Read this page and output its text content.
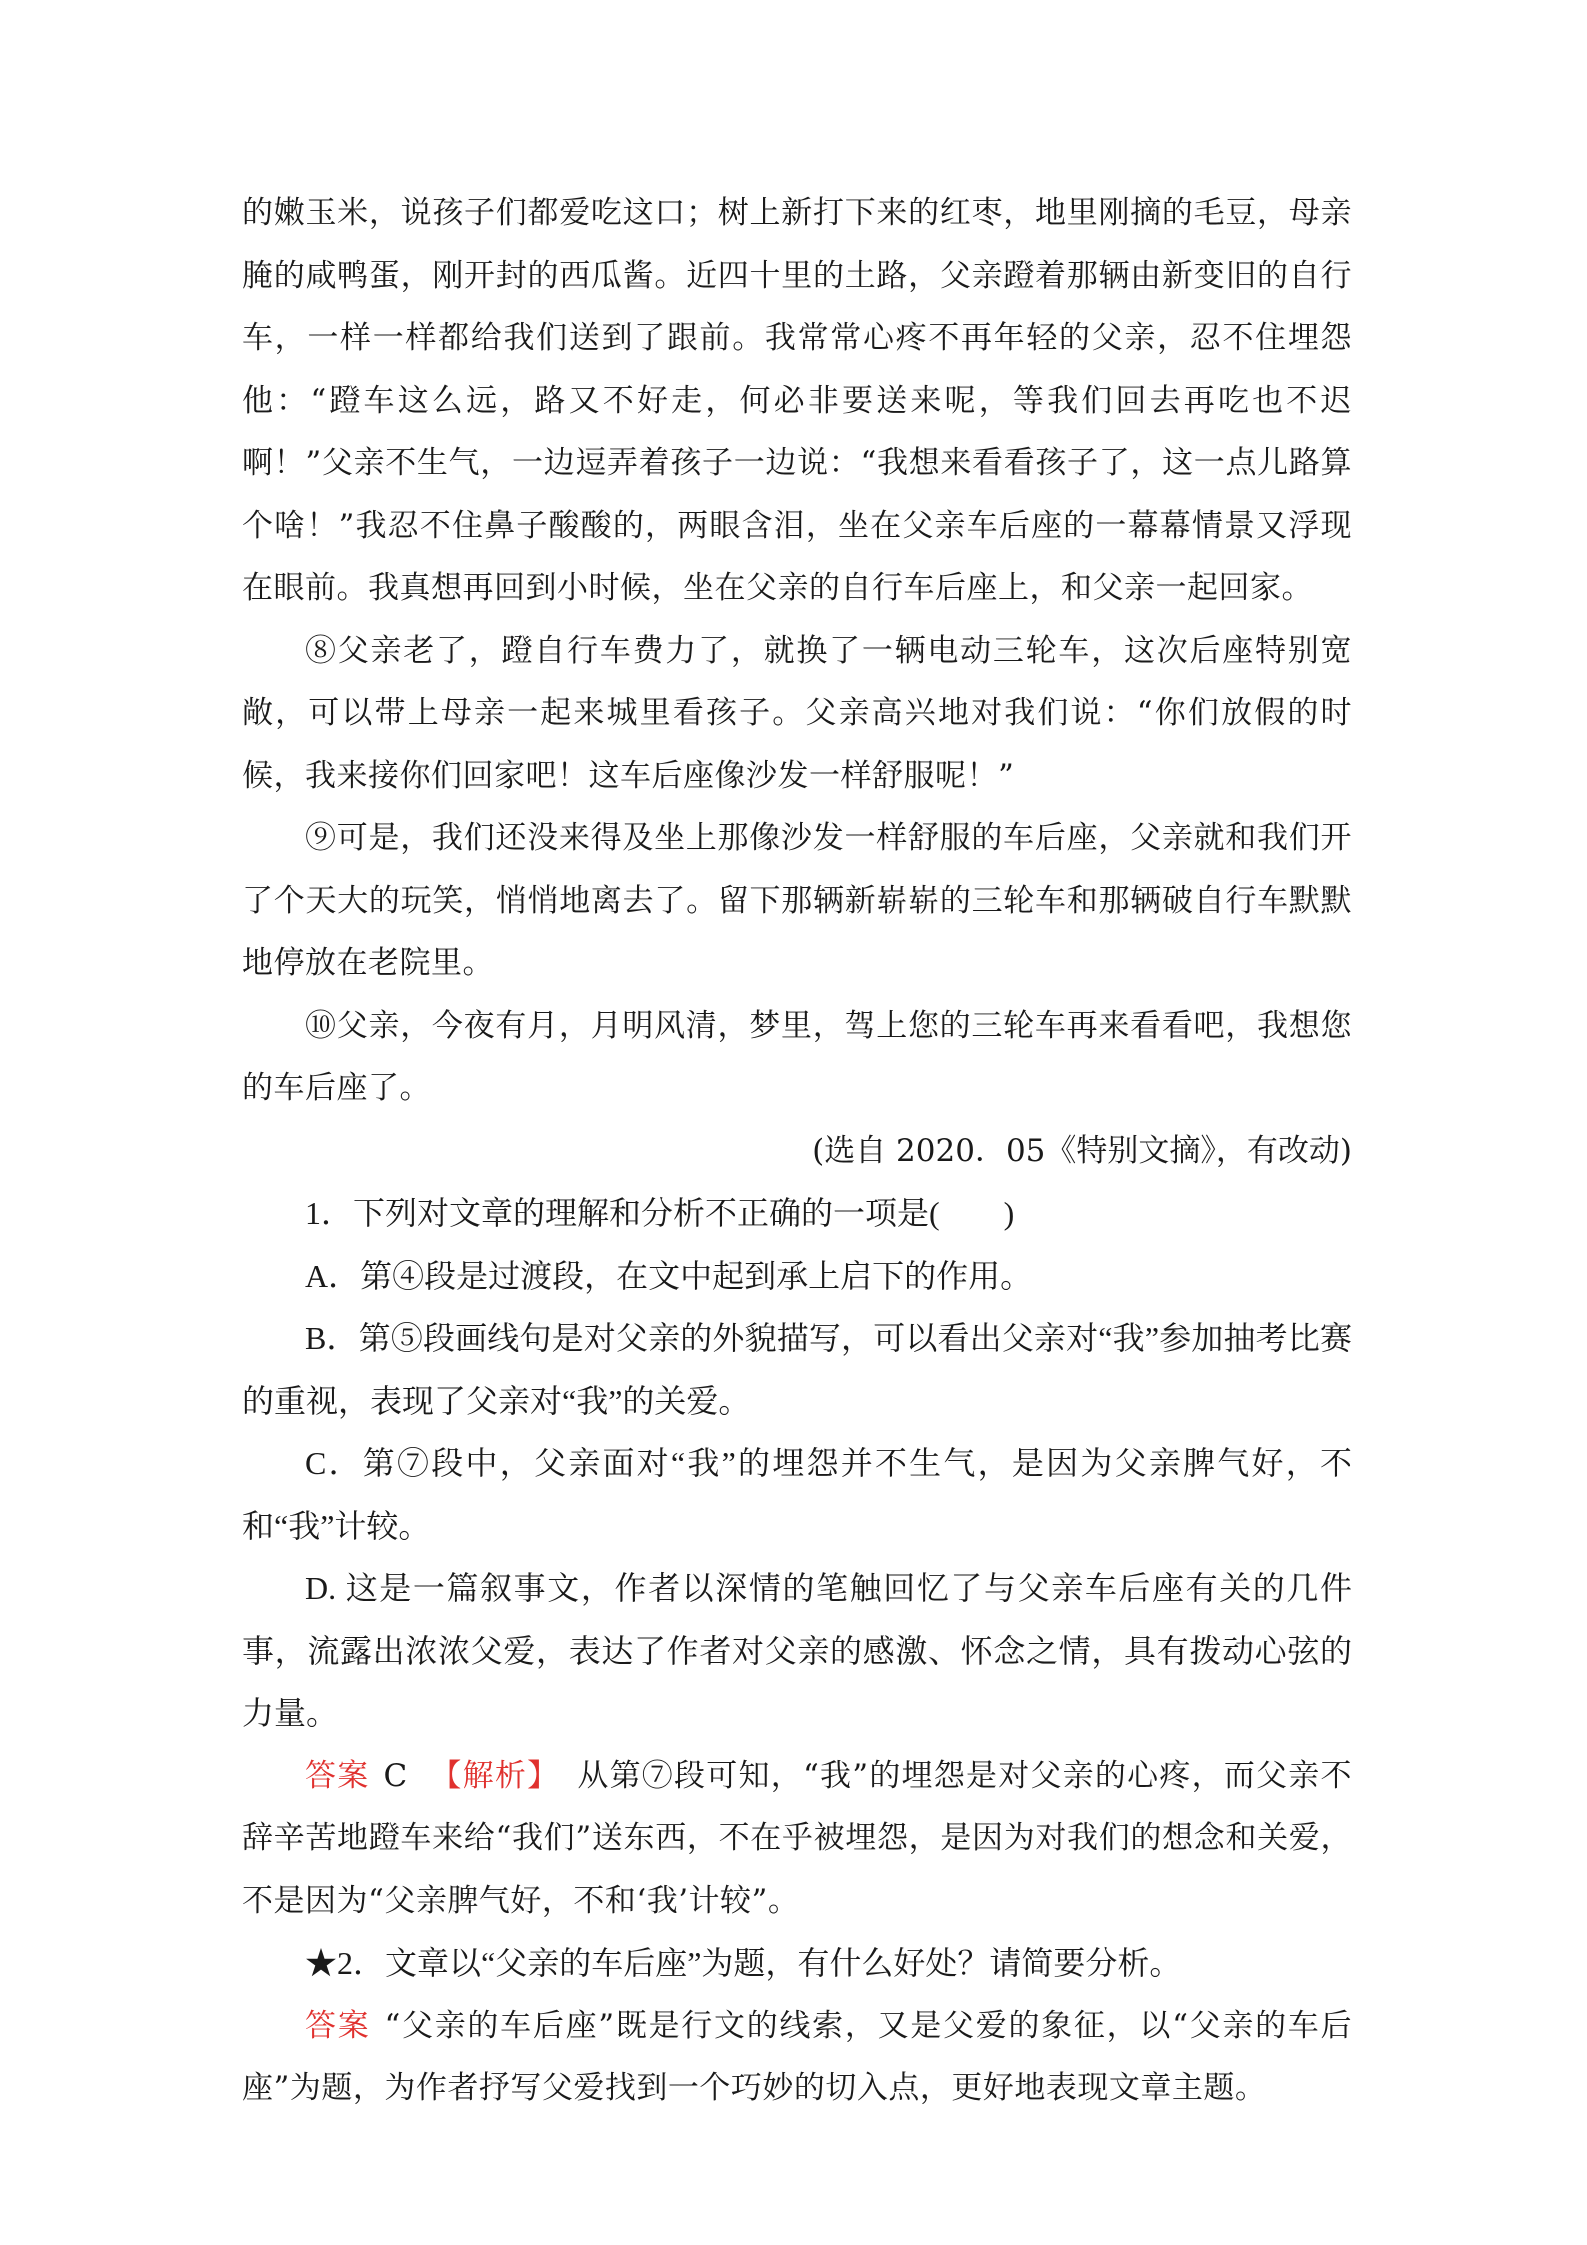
的嫩玉米，说孩子们都爱吃这口；树上新打下来的红枣，地里刚摘的毛豆，母亲腌的咸鸭蛋，刚开封的西瓜酱。近四十里的土路，父亲蹬着那辆由新变旧的自行车，一样一样都给我们送到了跟前。我常常心疼不再年轻的父亲，忍不住埋怨他：“蹬车这么远，路又不好走，何必非要送来呢，等我们回去再吃也不迟啊！”父亲不生气，一边逗弄着孩子一边说：“我想来看看孩子了，这一点儿路算个啥！”我忍不住鼻子酸酸的，两眼含泪，坐在父亲车后座的一幕幕情景又浮现在眼前。我真想再回到小时候，坐在父亲的自行车后座上，和父亲一起回家。

⑧父亲老了，蹬自行车费力了，就换了一辆电动三轮车，这次后座特别宽敞，可以带上母亲一起来城里看孩子。父亲高兴地对我们说：“你们放假的时候，我来接你们回家吧！这车后座像沙发一样舒服呢！”

⑨可是，我们还没来得及坐上那像沙发一样舒服的车后座，父亲就和我们开了个天大的玩笑，悄悄地离去了。留下那辆新崭崭的三轮车和那辆破自行车默默地停放在老院里。

⑩父亲，今夜有月，月明风清，梦里，驾上您的三轮车再来看看吧，我想您的车后座了。

(选自 2020．05《特别文摘》，有改动)

1．下列对文章的理解和分析不正确的一项是(　　)

A．第④段是过渡段，在文中起到承上启下的作用。

B．第⑤段画线句是对父亲的外貌描写，可以看出父亲对“我”参加抽考比赛的重视，表现了父亲对“我”的关爱。

C．第⑦段中，父亲面对“我”的埋怨并不生气，是因为父亲脾气好，不和“我”计较。

D. 这是一篇叙事文，作者以深情的笔触回忆了与父亲车后座有关的几件事，流露出浓浓父爱，表达了作者对父亲的感激、怀念之情，具有拨动心弦的力量。

答案 C 【解析】 从第⑦段可知，“我”的埋怨是对父亲的心疼，而父亲不辞辛苦地蹬车来给“我们”送东西，不在乎被埋怨，是因为对我们的想念和关爱，不是因为“父亲脾气好，不和‘我’计较”。

★2．文章以“父亲的车后座”为题，有什么好处？请简要分析。

答案 “父亲的车后座”既是行文的线索，又是父爱的象征，以“父亲的车后座”为题，为作者抒写父爱找到一个巧妙的切入点，更好地表现文章主题。
